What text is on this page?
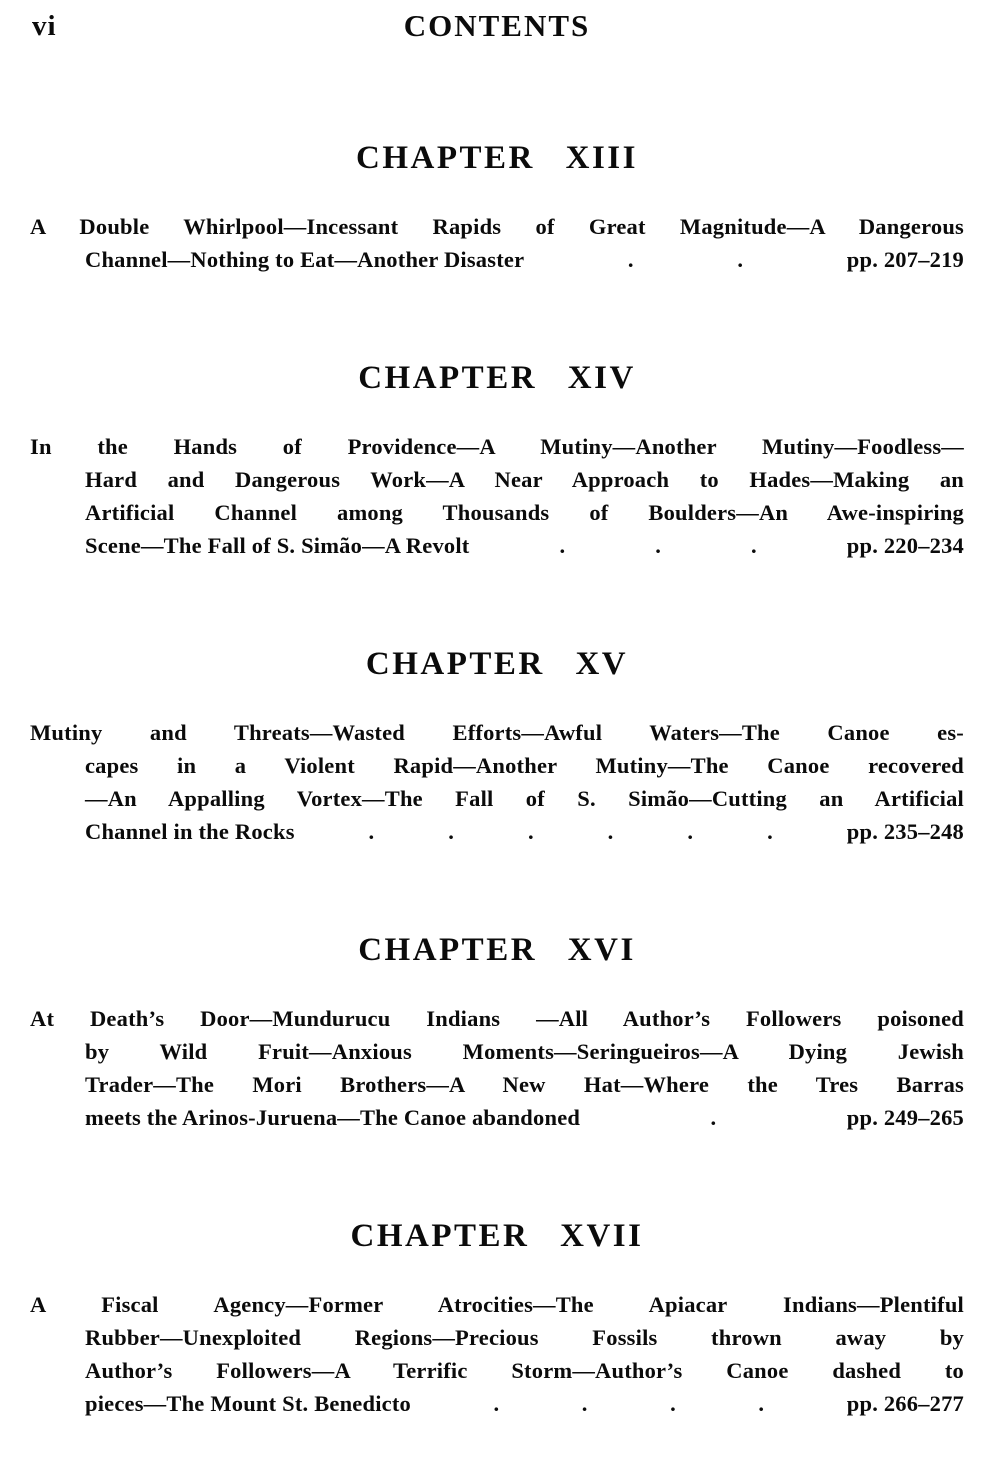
vi	CONTENTS
CHAPTER XIII
A Double Whirlpool—Incessant Rapids of Great Magnitude—A Dangerous
Channel—Nothing to Eat—Another Disaster	.	.	pp. 207–219
CHAPTER XIV
In the Hands of Providence—A Mutiny—Another Mutiny—Foodless—
Hard and Dangerous Work—A Near Approach to Hades—Making an
Artificial Channel among Thousands of Boulders—An Awe-inspiring
Scene—The Fall of S. Simão—A Revolt	.	.	.	pp. 220–234
CHAPTER XV
Mutiny and Threats—Wasted Efforts—Awful Waters—The Canoe es-
capes in a Violent Rapid—Another Mutiny—The Canoe recovered
—An Appalling Vortex—The Fall of S. Simão—Cutting an Artificial
Channel in the Rocks	.	.	.	.	.	.	pp. 235–248
CHAPTER XVI
At Death’s Door—Mundurucu Indians —All Author’s Followers poisoned
by Wild Fruit—Anxious Moments—Seringueiros—A Dying Jewish
Trader—The Mori Brothers—A New Hat—Where the Tres Barras
meets the Arinos-Juruena—The Canoe abandoned	.	pp. 249–265
CHAPTER XVII
A Fiscal Agency—Former Atrocities—The Apiacar Indians—Plentiful
Rubber—Unexploited Regions—Precious Fossils thrown away by
Author’s Followers—A Terrific Storm—Author’s Canoe dashed to
pieces—The Mount St. Benedicto	.	.	.	.	pp. 266–277
